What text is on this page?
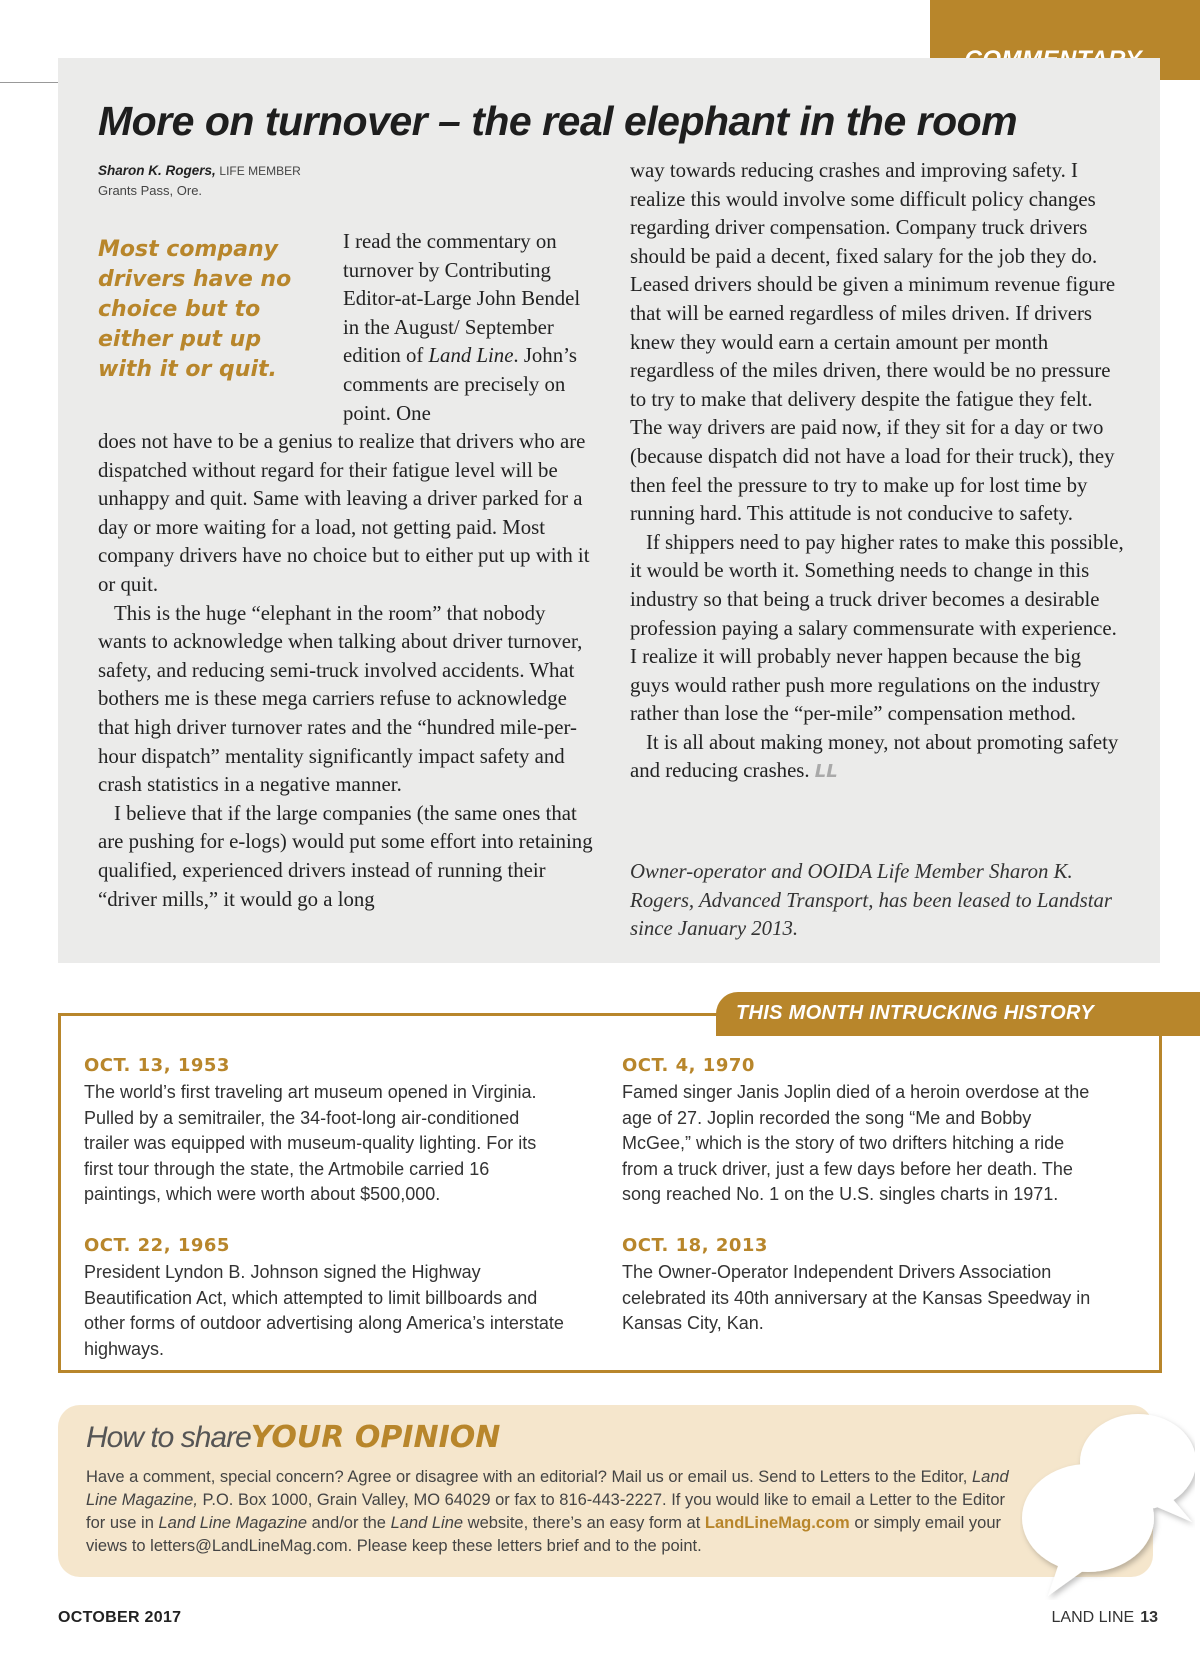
More on turnover – the real elephant in the room
Sharon K. Rogers, LIFE MEMBER
Grants Pass, Ore.
Most company drivers have no choice but to either put up with it or quit.

I read the commentary on turnover by Contributing Editor-at-Large John Bendel in the August/ September edition of Land Line. John’s comments are precisely on point. One

does not have to be a genius to realize that drivers who are dispatched without regard for their fatigue level will be unhappy and quit. Same with leaving a driver parked for a day or more waiting for a load, not getting paid. Most company drivers have no choice but to either put up with it or quit.

This is the huge “elephant in the room” that nobody wants to acknowledge when talking about driver turnover, safety, and reducing semi-truck involved accidents. What bothers me is these mega carriers refuse to acknowledge that high driver turnover rates and the “hundred mile-per-hour dispatch” mentality significantly impact safety and crash statistics in a negative manner.

I believe that if the large companies (the same ones that are pushing for e-logs) would put some effort into retaining qualified, experienced drivers instead of running their “driver mills,” it would go a long

way towards reducing crashes and improving safety. I realize this would involve some difficult policy changes regarding driver compensation. Company truck drivers should be paid a decent, fixed salary for the job they do. Leased drivers should be given a minimum revenue figure that will be earned regardless of miles driven. If drivers knew they would earn a certain amount per month regardless of the miles driven, there would be no pressure to try to make that delivery despite the fatigue they felt. The way drivers are paid now, if they sit for a day or two (because dispatch did not have a load for their truck), they then feel the pressure to try to make up for lost time by running hard. This attitude is not conducive to safety.

If shippers need to pay higher rates to make this possible, it would be worth it. Something needs to change in this industry so that being a truck driver becomes a desirable profession paying a salary commensurate with experience. I realize it will probably never happen because the big guys would rather push more regulations on the industry rather than lose the “per-mile” compensation method.

It is all about making money, not about promoting safety and reducing crashes. LL

Owner-operator and OOIDA Life Member Sharon K. Rogers, Advanced Transport, has been leased to Landstar since January 2013.
THIS MONTH INTRUCKING HISTORY
OCT. 13, 1953
The world’s first traveling art museum opened in Virginia. Pulled by a semitrailer, the 34-foot-long air-conditioned trailer was equipped with museum-quality lighting. For its first tour through the state, the Artmobile carried 16 paintings, which were worth about $500,000.
OCT. 4, 1970
Famed singer Janis Joplin died of a heroin overdose at the age of 27. Joplin recorded the song “Me and Bobby McGee,” which is the story of two drifters hitching a ride from a truck driver, just a few days before her death. The song reached No. 1 on the U.S. singles charts in 1971.
OCT. 22, 1965
President Lyndon B. Johnson signed the Highway Beautification Act, which attempted to limit billboards and other forms of outdoor advertising along America’s interstate highways.
OCT. 18, 2013
The Owner-Operator Independent Drivers Association celebrated its 40th anniversary at the Kansas Speedway in Kansas City, Kan.
How to shareYOUR OPINION
Have a comment, special concern? Agree or disagree with an editorial? Mail us or email us. Send to Letters to the Editor, Land Line Magazine, P.O. Box 1000, Grain Valley, MO 64029 or fax to 816-443-2227. If you would like to email a Letter to the Editor for use in Land Line Magazine and/or the Land Line website, there’s an easy form at LandLineMag.com or simply email your views to letters@LandLineMag.com. Please keep these letters brief and to the point.
OCTOBER 2017	LAND LINE 13
